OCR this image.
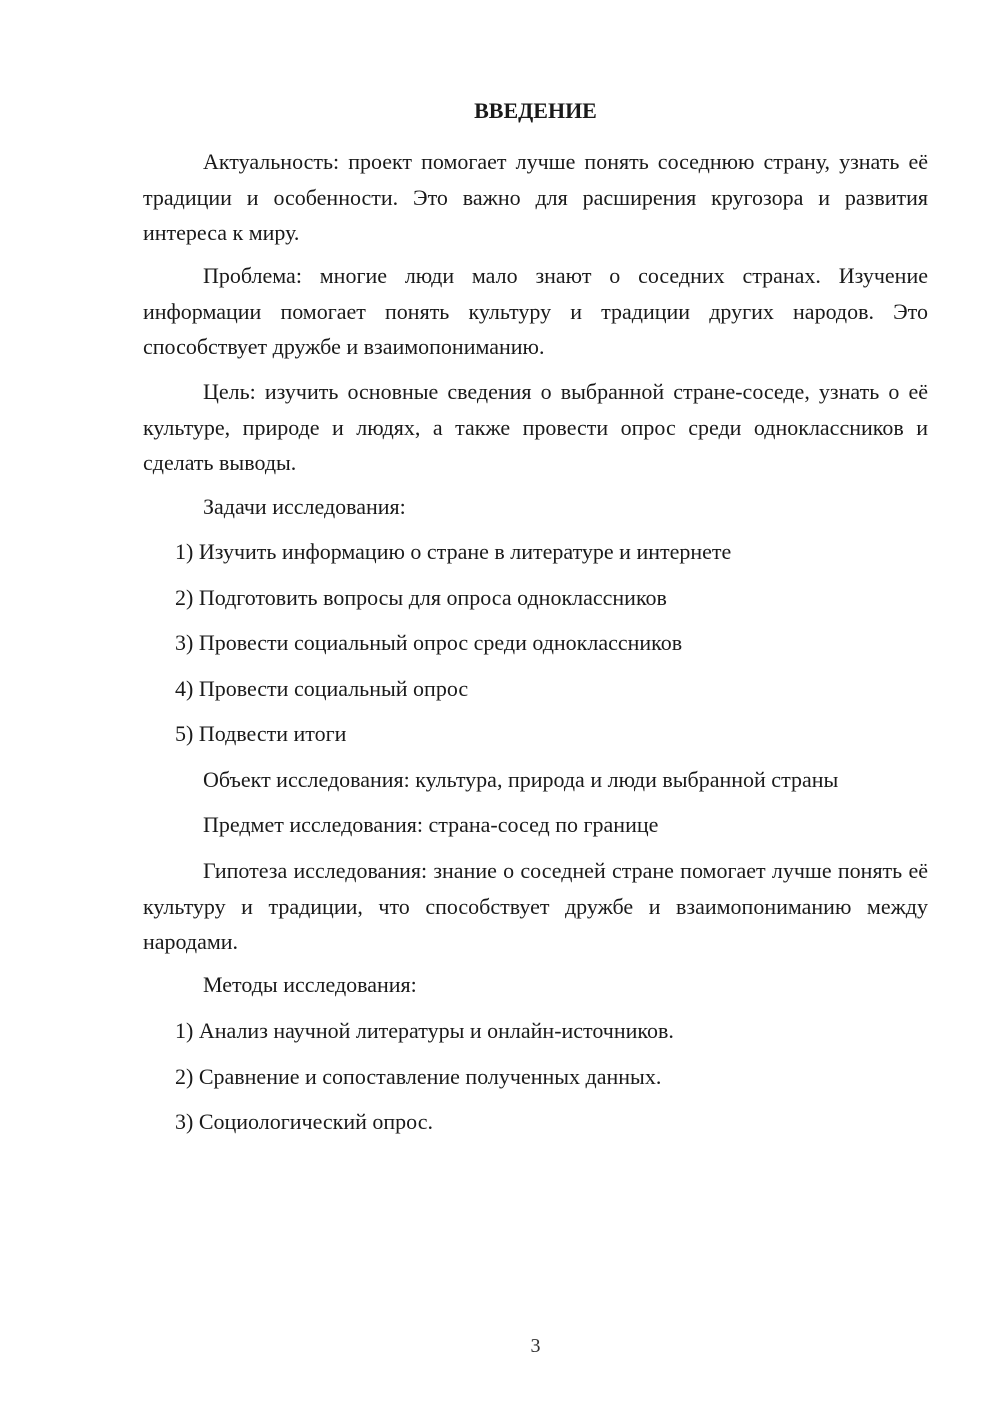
ВВЕДЕНИЕ

Актуальность: проект помогает лучше понять соседнюю страну, узнать её традиции и особенности. Это важно для расширения кругозора и развития интереса к миру.

Проблема: многие люди мало знают о соседних странах. Изучение информации помогает понять культуру и традиции других народов. Это способствует дружбе и взаимопониманию.

Цель: изучить основные сведения о выбранной стране-соседе, узнать о её культуре, природе и людях, а также провести опрос среди одноклассников и сделать выводы.

Задачи исследования:

1) Изучить информацию о стране в литературе и интернете

2) Подготовить вопросы для опроса одноклассников

3) Провести социальный опрос среди одноклассников

4) Провести социальный опрос

5) Подвести итоги

Объект исследования: культура, природа и люди выбранной страны

Предмет исследования: страна-сосед по границе

Гипотеза исследования: знание о соседней стране помогает лучше понять её культуру и традиции, что способствует дружбе и взаимопониманию между народами.

Методы исследования:

1) Анализ научной литературы и онлайн-источников.

2) Сравнение и сопоставление полученных данных.

3) Социологический опрос.

3
